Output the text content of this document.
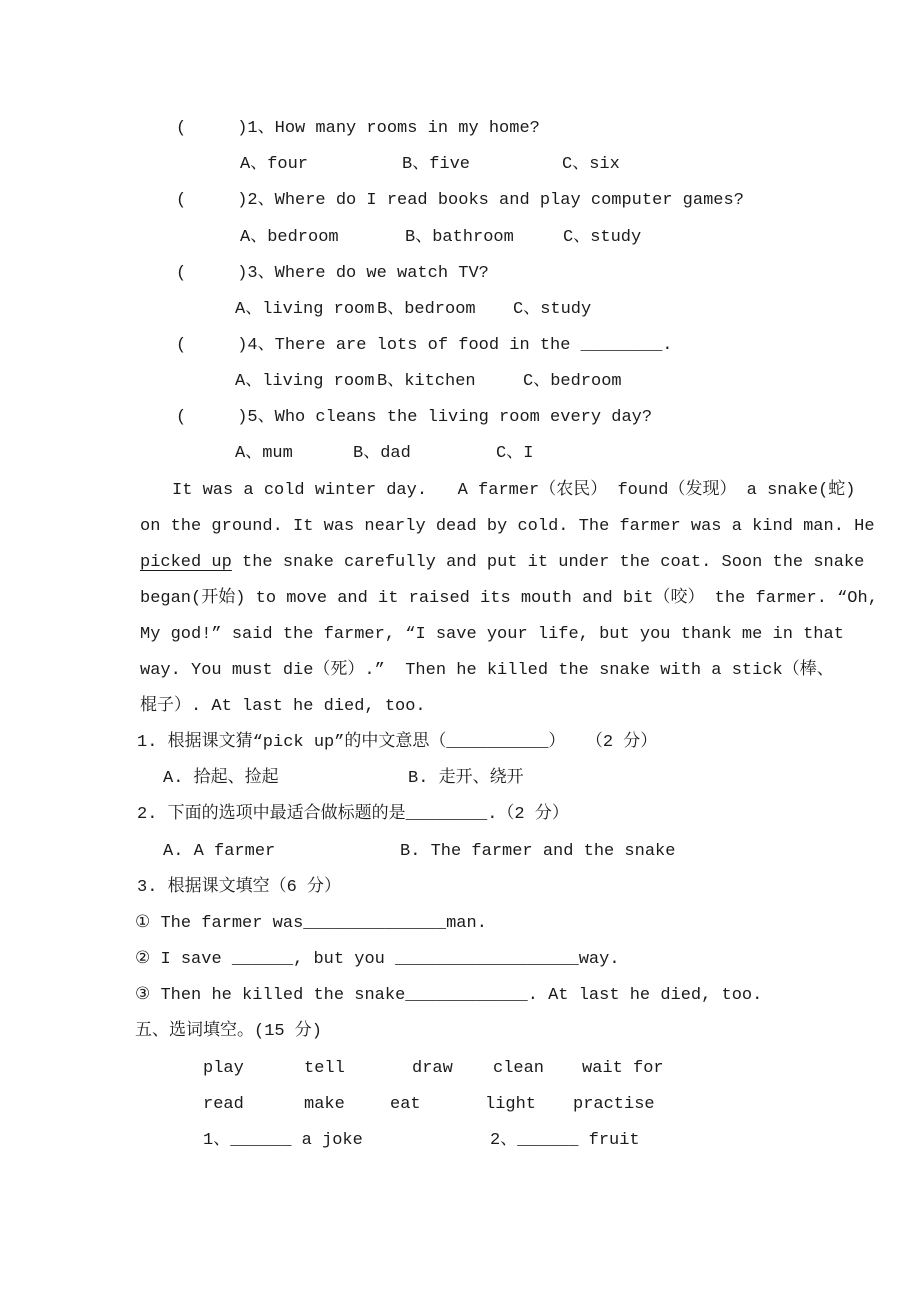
(     )1、How many rooms in my home?

A、four

	B、five

	C、six

(     )2、Where do I read books and play computer games?

A、bedroom

	B、bathroom

	C、study

(     )3、Where do we watch TV?

A、living room

B、bedroom

C、study

(     )4、There are lots of food in the ________.

A、living room

B、kitchen

	C、bedroom

(     )5、Who cleans the living room every day?

A、mum

	B、dad

	C、I

It was a cold winter day.   A farmer（农民） found（发现） a snake(蛇)
on the ground. It was nearly dead by cold. The farmer was a kind man. He
picked up the snake carefully and put it under the coat. Soon the snake
began(开始) to move and it raised its mouth and bit（咬） the farmer. “Oh,
My god!” said the farmer, “I save your life, but you thank me in that
way. You must die（死）.”  Then he killed the snake with a stick（棒、
棍子）. At last he died, too.
1. 根据课文猜“pick up”的中文意思（__________）  （2 分）

A. 拾起、捡起

	B. 走开、绕开

2. 下面的选项中最适合做标题的是________.（2 分）

A. A farmer

	B. The farmer and the snake

3. 根据课文填空（6 分）
① The farmer was______________man.
② I save ______, but you __________________way.
③ Then he killed the snake____________. At last he died, too.
五、选词填空。(15 分)

play

	tell

	draw

clean

wait for

read

	make

	eat

	light

practise

1、______ a joke

	2、______ fruit
